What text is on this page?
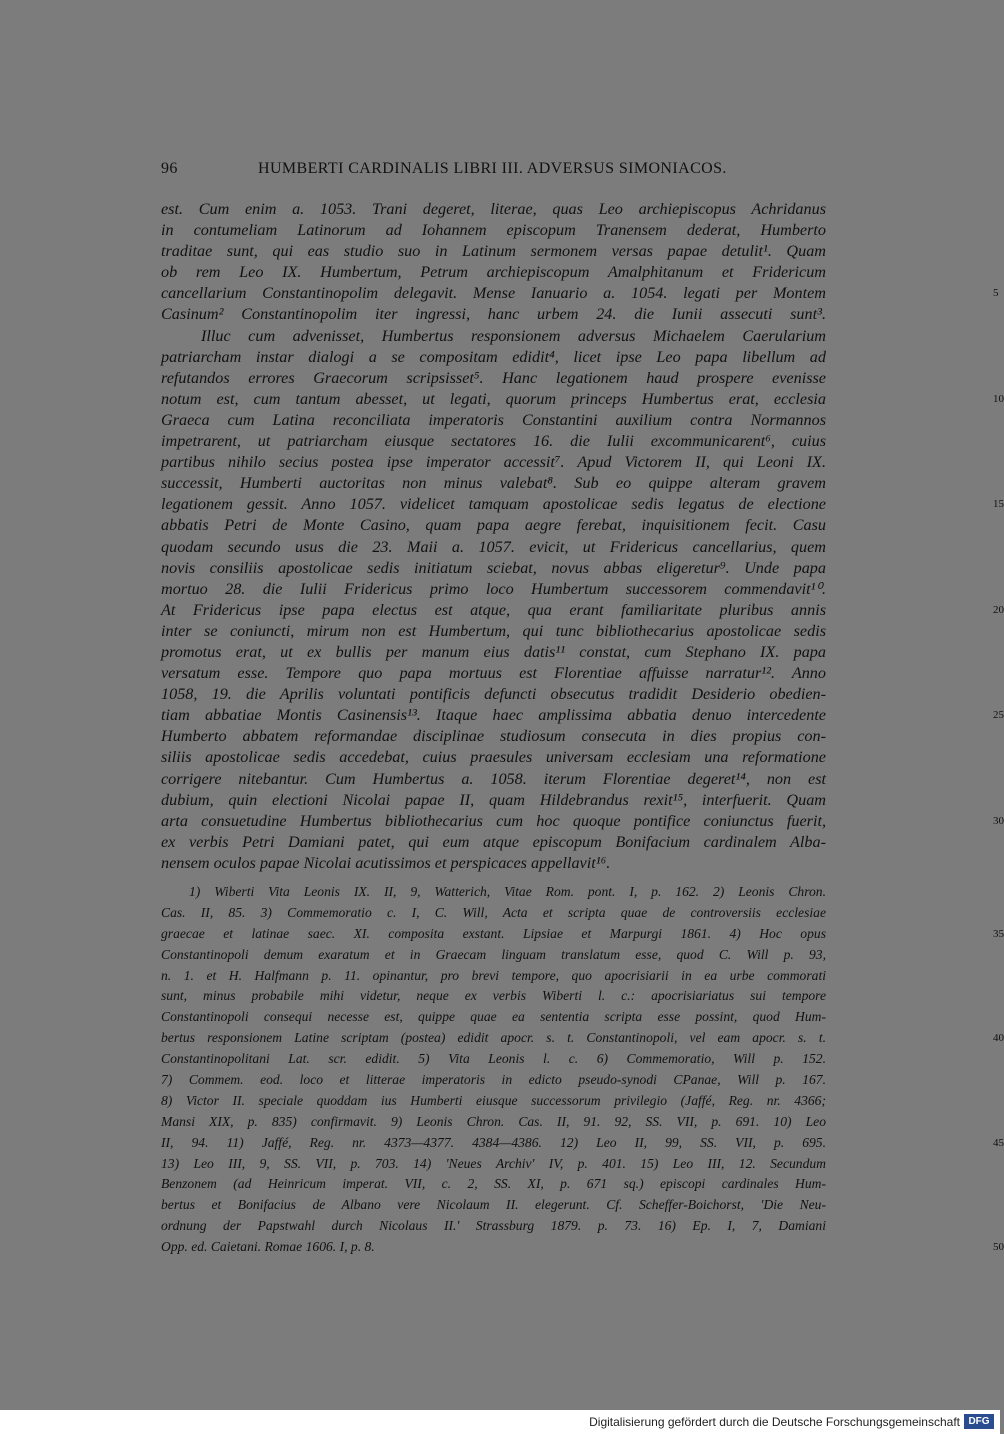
96	HUMBERTI CARDINALIS LIBRI III. ADVERSUS SIMONIACOS.
est. Cum enim a. 1053. Trani degeret, literae, quas Leo archiepiscopus Achridanus
in contumeliam Latinorum ad Iohannem episcopum Tranensem dederat, Humberto
traditae sunt, qui eas studio suo in Latinum sermonem versas papae detulit¹. Quam
ob rem Leo IX. Humbertum, Petrum archiepiscopum Amalphitanum et Fridericum
cancellarium Constantinopolim delegavit. Mense Ianuario a. 1054. legati per Montem	5
Casinum² Constantinopolim iter ingressi, hanc urbem 24. die Iunii assecuti sunt³.
Illuc cum advenisset, Humbertus responsionem adversus Michaelem Caerularium
patriarcham instar dialogi a se compositam edidit⁴, licet ipse Leo papa libellum ad
refutandos errores Graecorum scripsisset⁵. Hanc legationem haud prospere evenisse
notum est, cum tantum abesset, ut legati, quorum princeps Humbertus erat, ecclesia	10
Graeca cum Latina reconciliata imperatoris Constantini auxilium contra Normannos
impetrarent, ut patriarcham eiusque sectatores 16. die Iulii excommunicarent⁶, cuius
partibus nihilo secius postea ipse imperator accessit⁷. Apud Victorem II, qui Leoni IX.
successit, Humberti auctoritas non minus valebat⁸. Sub eo quippe alteram gravem
legationem gessit. Anno 1057. videlicet tamquam apostolicae sedis legatus de electione	15
abbatis Petri de Monte Casino, quam papa aegre ferebat, inquisitionem fecit. Casu
quodam secundo usus die 23. Maii a. 1057. evicit, ut Fridericus cancellarius, quem
novis consiliis apostolicae sedis initiatum sciebat, novus abbas eligeretur⁹. Unde papa
mortuo 28. die Iulii Fridericus primo loco Humbertum successorem commendavit¹⁰.
At Fridericus ipse papa electus est atque, qua erant familiaritate pluribus annis	20
inter se coniuncti, mirum non est Humbertum, qui tunc bibliothecarius apostolicae sedis
promotus erat, ut ex bullis per manum eius datis¹¹ constat, cum Stephano IX. papa
versatum esse. Tempore quo papa mortuus est Florentiae affuisse narratur¹². Anno
1058, 19. die Aprilis voluntati pontificis defuncti obsecutus tradidit Desiderio obedien-
tiam abbatiae Montis Casinensis¹³. Itaque haec amplissima abbatia denuo intercedente	25
Humberto abbatem reformandae disciplinae studiosum consecuta in dies propius con-
siliis apostolicae sedis accedebat, cuius praesules universam ecclesiam una reformatione
corrigere nitebantur. Cum Humbertus a. 1058. iterum Florentiae degeret¹⁴, non est
dubium, quin electioni Nicolai papae II, quam Hildebrandus rexit¹⁵, interfuerit. Quam
arta consuetudine Humbertus bibliothecarius cum hoc quoque pontifice coniunctus fuerit,	30
ex verbis Petri Damiani patet, qui eum atque episcopum Bonifacium cardinalem Alba-
nensem oculos papae Nicolai acutissimos et perspicaces appellavit¹⁶.
1) Wiberti Vita Leonis IX. II, 9, Watterich, Vitae Rom. pont. I, p. 162. 2) Leonis Chron.
Cas. II, 85. 3) Commemoratio c. I, C. Will, Acta et scripta quae de controversiis ecclesiae
graecae et latinae saec. XI. composita exstant. Lipsiae et Marpurgi 1861. 4) Hoc opus	35
Constantinopoli demum exaratum et in Graecam linguam translatum esse, quod C. Will p. 93,
n. 1. et H. Halfmann p. 11. opinantur, pro brevi tempore, quo apocrisiarii in ea urbe commorati
sunt, minus probabile mihi videtur, neque ex verbis Wiberti l. c.: apocrisiariatus sui tempore
Constantinopoli consequi necesse est, quippe quae ea sententia scripta esse possint, quod Hum-
bertus responsionem Latine scriptam (postea) edidit apocr. s. t. Constantinopoli, vel eam apocr. s. t.	40
Constantinopolitani Lat. scr. edidit. 5) Vita Leonis l. c. 6) Commemoratio, Will p. 152.
7) Commem. eod. loco et litterae imperatoris in edicto pseudo-synodi CPanae, Will p. 167.
8) Victor II. speciale quoddam ius Humberti eiusque successorum privilegio (Jaffé, Reg. nr. 4366;
Mansi XIX, p. 835) confirmavit. 9) Leonis Chron. Cas. II, 91. 92, SS. VII, p. 691. 10) Leo
II, 94. 11) Jaffé, Reg. nr. 4373—4377. 4384—4386. 12) Leo II, 99, SS. VII, p. 695.	45
13) Leo III, 9, SS. VII, p. 703. 14) 'Neues Archiv' IV, p. 401. 15) Leo III, 12. Secundum
Benzonem (ad Heinricum imperat. VII, c. 2, SS. XI, p. 671 sq.) episcopi cardinales Hum-
bertus et Bonifacius de Albano vere Nicolaum II. elegerunt. Cf. Scheffer-Boichorst, 'Die Neu-
ordnung der Papstwahl durch Nicolaus II.' Strassburg 1879. p. 73. 16) Ep. I, 7, Damiani
Opp. ed. Caietani. Romae 1606. I, p. 8.	50
Digitalisierung gefördert durch die Deutsche Forschungsgemeinschaft DFG
